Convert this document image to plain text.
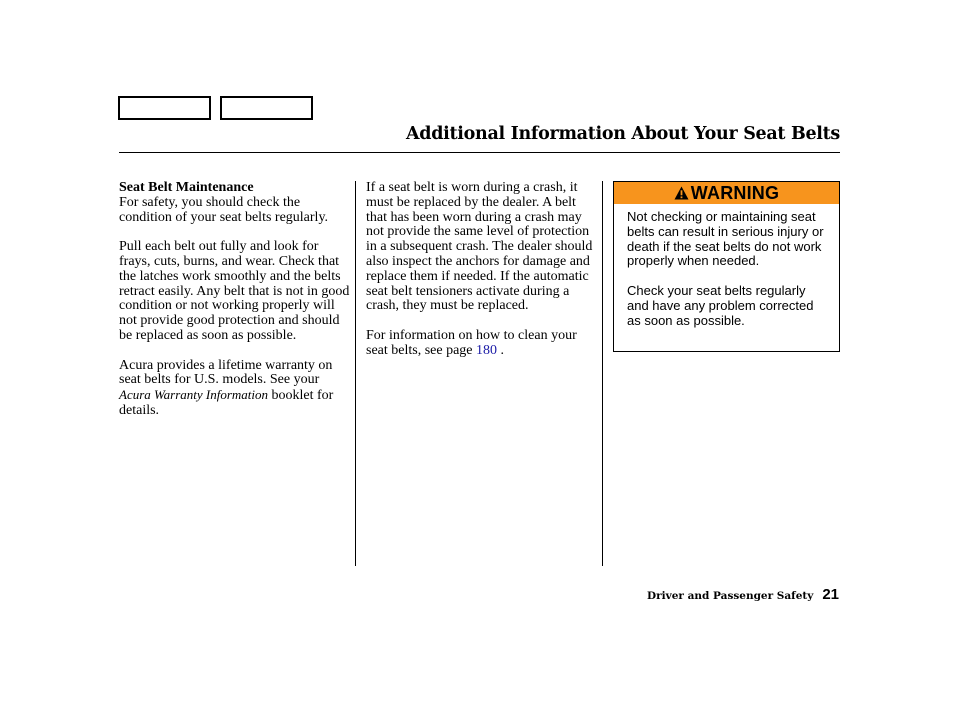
Additional Information About Your Seat Belts
Seat Belt Maintenance

For safety, you should check the condition of your seat belts regularly.

Pull each belt out fully and look for frays, cuts, burns, and wear. Check that the latches work smoothly and the belts retract easily. Any belt that is not in good condition or not working properly will not provide good protection and should be replaced as soon as possible.

Acura provides a lifetime warranty on seat belts for U.S. models. See your Acura Warranty Information booklet for details.

If a seat belt is worn during a crash, it must be replaced by the dealer. A belt that has been worn during a crash may not provide the same level of protection in a subsequent crash. The dealer should also inspect the anchors for damage and replace them if needed. If the automatic seat belt tensioners activate during a crash, they must be replaced.

For information on how to clean your seat belts, see page 180 .

WARNING

Not checking or maintaining seat belts can result in serious injury or death if the seat belts do not work properly when needed.

Check your seat belts regularly and have any problem corrected as soon as possible.

Driver and Passenger Safety 21
